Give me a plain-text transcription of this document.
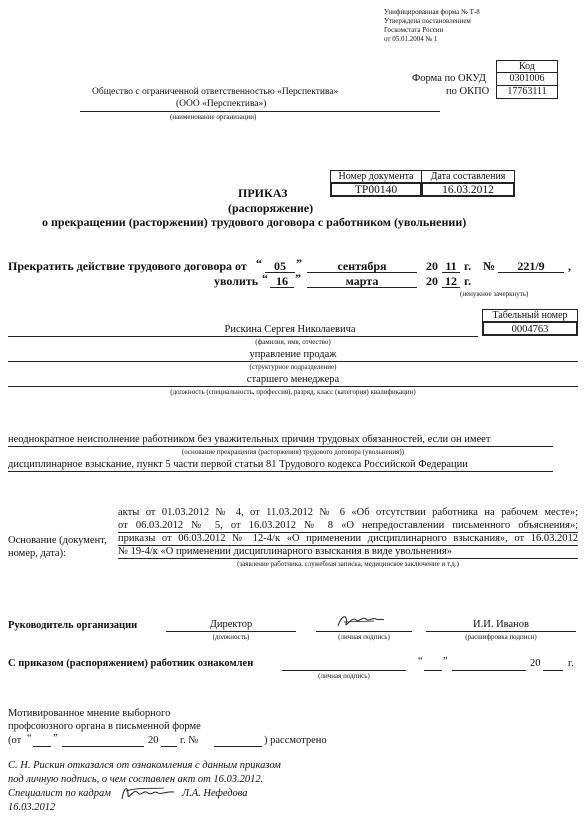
Унифицированная форма № Т-8
Утверждена постановлением
Госкомстата России
от 05.01.2004 № 1
Код
0301006
17763111
Форма по ОКУД
по ОКПО
Общество с ограниченной ответственностью «Перспектива»
(ООО «Перспектива»)
(наименование организации)
Номер документа	Дата составления
ТР00140	16.03.2012
ПРИКАЗ
(распоряжение)
о прекращении (расторжении) трудового договора с работником (увольнении)
Прекратить действие трудового договора от “	05 ”	сентября	20 11 г. №	221/9	,
уволить “ 16 ”	марта	20 12 г.
(ненужное зачеркнуть)
Табельный номер
0004763
Рискина Сергея Николаевича
(фамилия, имя, отчество)
управление продаж
(структурное подразделение)
старшего менеджера
(должность (специальность, профессия), разряд, класс (категория) квалификации)
неоднократное неисполнение работником без уважительных причин трудовых обязанностей, если он имеет
(основание прекращения (расторжения) трудового договора (увольнения))
дисциплинарное взыскание, пункт 5 части первой статьи 81 Трудового кодекса Российской Федерации
Основание (документ,
номер, дата):
акты от 01.03.2012 № 4, от 11.03.2012 № 6 «Об отсутствии работника на рабочем месте»;
от 06.03.2012 № 5, от 16.03.2012 № 8 «О непредоставлении письменного объяснения»;
приказы от 06.03.2012 № 12-4/к «О применении дисциплинарного взыскания», от 16.03.2012
№ 19-4/к «О применении дисциплинарного взыскания в виде увольнения»
(заявление работника, служебная записка, медицинское заключение и т.д.)
Руководитель организации	Директор
(должность)	(личная подпись)
И.И. Иванов
(расшифровка подписи)
С приказом (распоряжением) работник ознакомлен
(личная подпись)
“ ”	20	г.
Мотивированное мнение выборного
профсоюзного органа в письменной форме
(от “ ”	20 г. №	) рассмотрено
С. Н. Рискин отказался от ознакомления с данным приказом
под личную подпись, о чем составлен акт от 16.03.2012.
Специалист по кадрам	Л.А. Нефедова
16.03.2012
